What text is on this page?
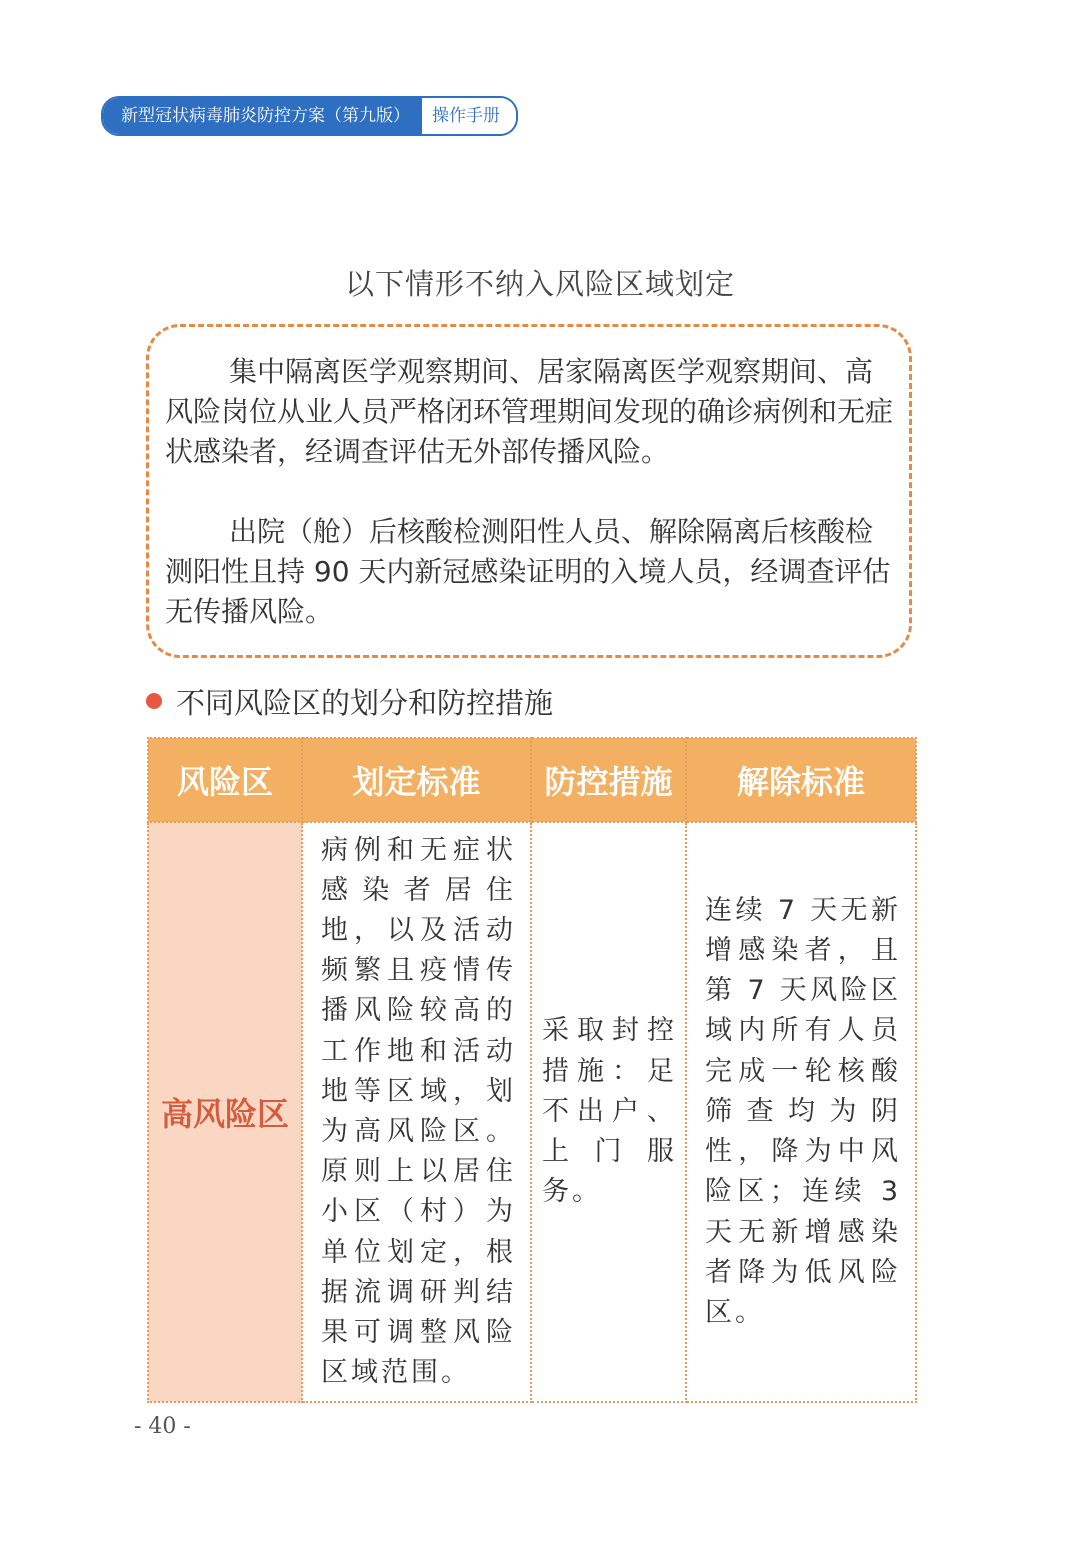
新型冠状病毒肺炎防控方案（第九版）	操作手册
以下情形不纳入风险区域划定

集中隔离医学观察期间、居家隔离医学观察期间、高风险岗位从业人员严格闭环管理期间发现的确诊病例和无症状感染者，经调查评估无外部传播风险。

出院（舱）后核酸检测阳性人员、解除隔离后核酸检测阳性且持 90 天内新冠感染证明的入境人员，经调查评估无传播风险。

不同风险区的划分和防控措施
风险区	划定标准	防控措施	解除标准
高风险区	病例和无症状感染者居住地，以及活动频繁且疫情传播风险较高的工作地和活动地等区域，划为高风险区。原则上以居住小区（村）为单位划定，根据流调研判结果可调整风险区域范围。	采取封控措施：足不出户、上门服务。	连续 7 天无新增感染者，且第 7 天风险区域内所有人员完成一轮核酸筛查均为阴性，降为中风险区；连续 3 天无新增感染者降为低风险区。
- 40 -
